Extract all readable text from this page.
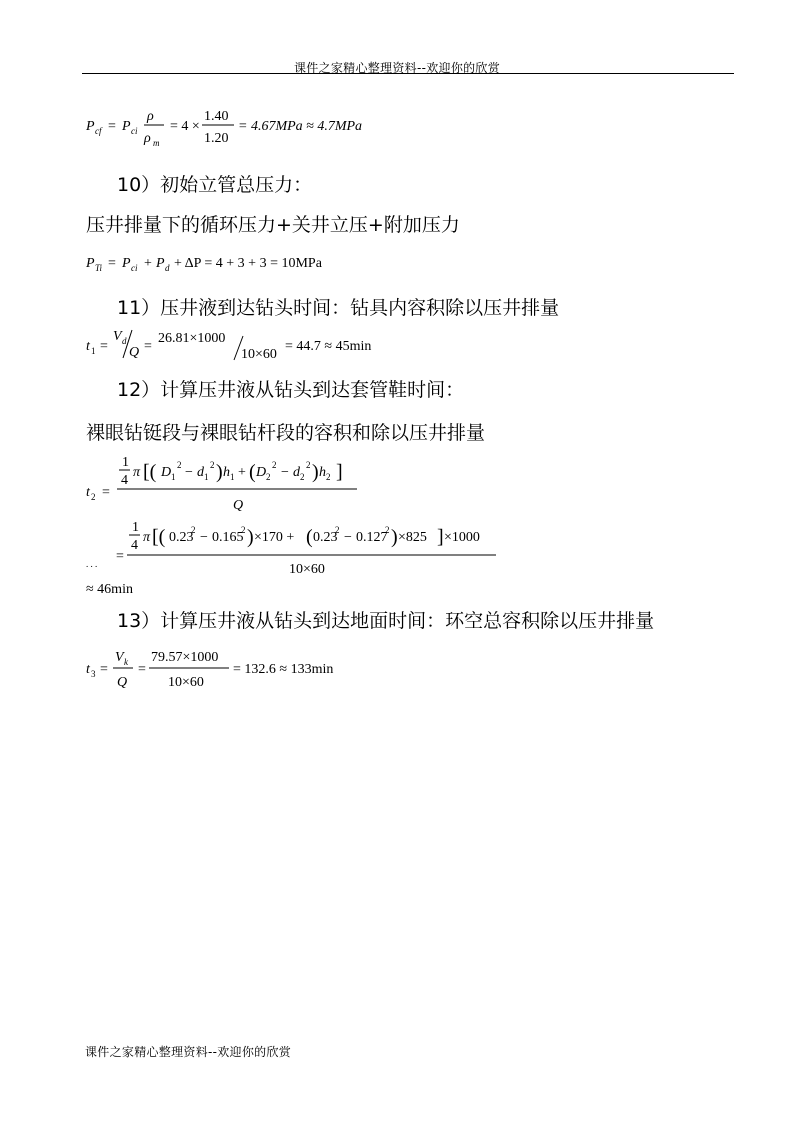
课件之家精心整理资料--欢迎你的欣赏
P cf = P ci
ρ
ρ m
= 4 ×
1.40
1.20
= 4.67MPa ≈ 4.7MPa
10）初始立管总压力：
压井排量下的循环压力+关井立压+附加压力
P Ti = P ci + P d + ΔP = 4 + 3 + 3 = 10MPa
11）压井液到达钻头时间：钻具内容积除以压井排量
t 1 =
V d
Q =
26.81×1000
10×60
= 44.7 ≈ 45min
12）计算压井液从钻头到达套管鞋时间：
裸眼钻铤段与裸眼钻杆段的容积和除以压井排量
t 2 =
1
4
π [( D 1
2 − d 1
2 ) h 1 + ( D 2
2 − d 2
2 ) h 2 ]
Q
. . . =
1
4
π [( 0.23
2 − 0.165
2 ) ×170 + ( 0.23
2 − 0.127
2 ) ×825 ] ×1000
10×60
≈ 46min
13）计算压井液从钻头到达地面时间：环空总容积除以压井排量
t 3 =
V k
Q
=
79.57×1000
10×60
= 132.6 ≈ 133min
课件之家精心整理资料--欢迎你的欣赏
